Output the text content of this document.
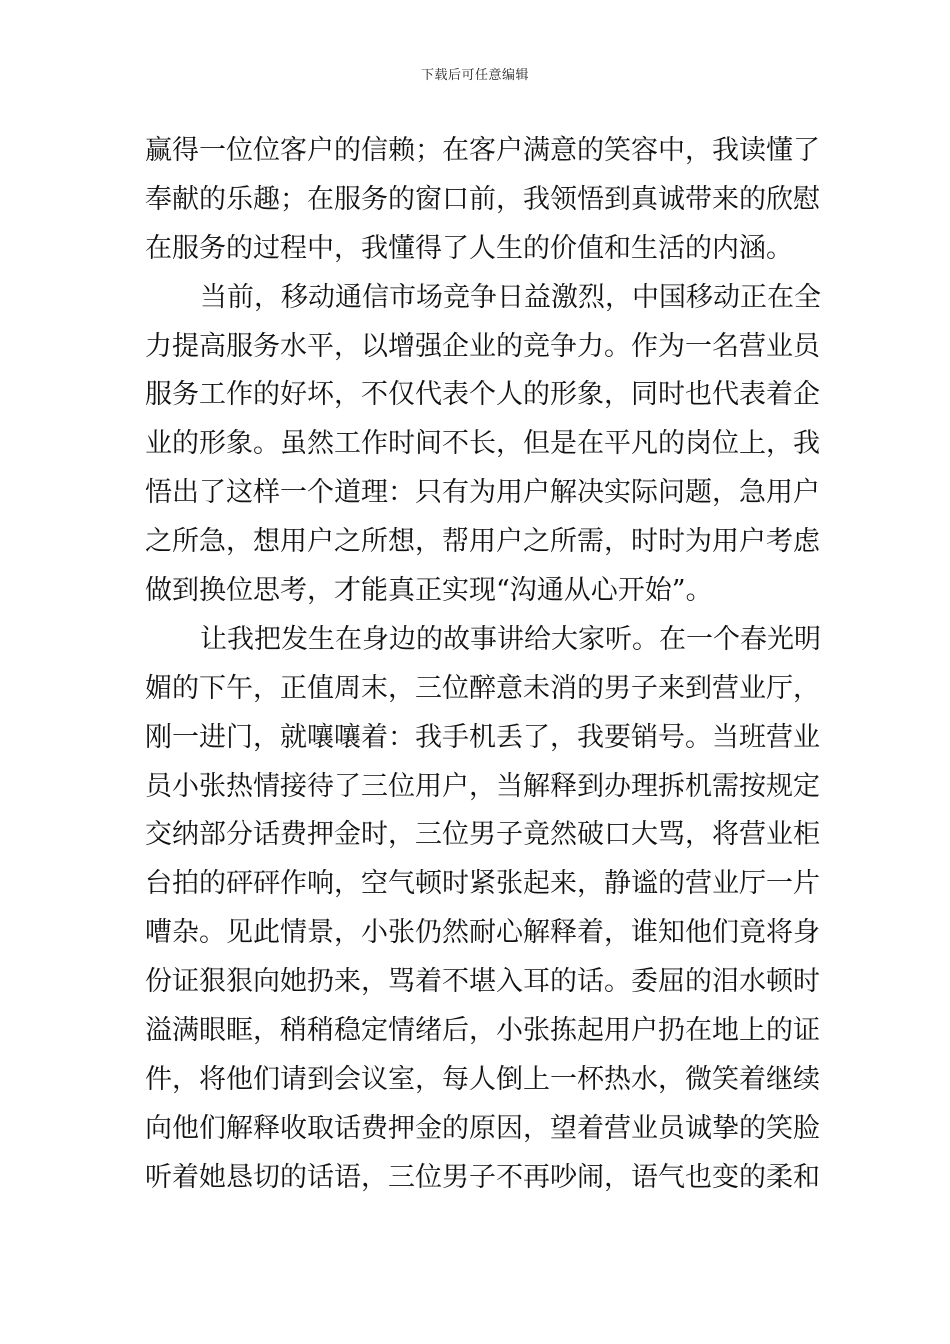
下载后可任意编辑
赢得一位位客户的信赖；在客户满意的笑容中，我读懂了
奉献的乐趣；在服务的窗口前，我领悟到真诚带来的欣慰
在服务的过程中，我懂得了人生的价值和生活的内涵。
当前，移动通信市场竞争日益激烈，中国移动正在全
力提高服务水平，以增强企业的竞争力。作为一名营业员
服务工作的好坏，不仅代表个人的形象，同时也代表着企
业的形象。虽然工作时间不长，但是在平凡的岗位上，我
悟出了这样一个道理：只有为用户解决实际问题，急用户
之所急，想用户之所想，帮用户之所需，时时为用户考虑
做到换位思考，才能真正实现“沟通从心开始”。
让我把发生在身边的故事讲给大家听。在一个春光明
媚的下午，正值周末，三位醉意未消的男子来到营业厅，
刚一进门，就嚷嚷着：我手机丢了，我要销号。当班营业
员小张热情接待了三位用户，当解释到办理拆机需按规定
交纳部分话费押金时，三位男子竟然破口大骂，将营业柜
台拍的砰砰作响，空气顿时紧张起来，静谧的营业厅一片
嘈杂。见此情景，小张仍然耐心解释着，谁知他们竟将身
份证狠狠向她扔来，骂着不堪入耳的话。委屈的泪水顿时
溢满眼眶，稍稍稳定情绪后，小张拣起用户扔在地上的证
件，将他们请到会议室，每人倒上一杯热水，微笑着继续
向他们解释收取话费押金的原因，望着营业员诚挚的笑脸
听着她恳切的话语，三位男子不再吵闹，语气也变的柔和
